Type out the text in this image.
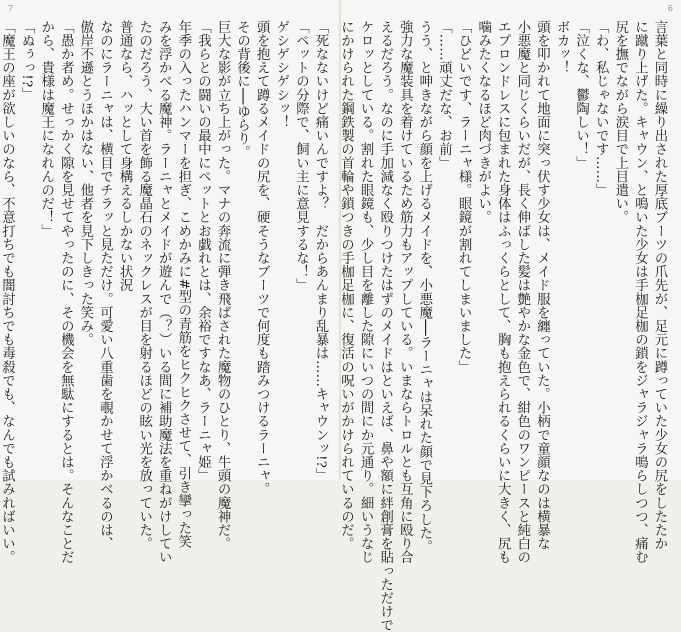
7
「死なないけど痛いんですよ？　だからあんまり乱暴は……キャウンッ!?」
「ペットの分際で、飼い主に意見するな！」
ゲシゲシゲシッ！
頭を抱えて蹲るメイドの尻を、硬そうなブーツで何度も踏みつけるラーニャ。
その背後に──ゆらり。
巨大な影が立ち上がった。マナの奔流に弾き飛ばされた魔物のひとり、牛頭の魔神だ。
「我らとの闘いの最中にペットとお戯れとは、余裕ですなあ、ラーニャ姫」
年季の入ったハンマーを担ぎ、こめかみに#型の青筋をヒクヒクさせて、引き攣った笑
みを浮かべる魔神。ラーニャとメイドが遊んで（？）いる間に補助魔法を重ねがけしてい
たのだろう、大い首を飾る魔晶石のネックレスが目を射るほどの眩い光を放っていた。
普通なら、ハッとして身構えるしかない状況
なのにラーニャは、横目でチラッと見ただけ。可愛い八重歯を覗かせて浮かべるのは、
傲岸不遜とうほかはない、他者を見下しきった笑み。
「愚か者め。せっかく隙を見せてやったのに、その機会を無駄にするとは。そんなことだ
から、貴様は魔王になれんのだ！」
「ぬぅっ!?」
「魔王の座が欲しいのなら、不意打ちでも闇討ちでも毒殺でも、なんでも試みればいい。
6
言葉と同時に繰り出された厚底ブーツの爪先が、足元に蹲っていた少女の尻をしたたか
に蹴り上げた。キャウン、と鳴いた少女は手枷足枷の鎖をジャラジャラ鳴らしつつ、痛む
尻を撫でながら涙目で上目遣い。
「わ、私じゃないです……」
「泣くな、鬱陶しい！」
ボカッ！
頭を叩かれて地面に突っ伏す少女は、メイド服を纏っていた。小柄で童顔なのは横暴な
小悪魔と同じくらいだが、長く伸ばした髪は艶やかな金色で、紺色のワンピースと純白の
エプロンドレスに包まれた身体はふっくらとして、胸も抱えられるくらいに大きく、尻も
噛みたくなるほど肉づきがよい。
「ひどいです、ラーニャ様。眼鏡が割れてしまいました」
「……頑丈だな、お前」
うう、と呻きながら顔を上げるメイドを、小悪魔──ラーニャは呆れた顔で見下ろした。
強力な魔装具を着けているため筋力もアップしている。いまならトロルとも互角に殴り合
えるだろう。なのに手加減なく殴りつけたはずのメイドはといえば、鼻や額に絆創膏を貼っただけで
ケロッとしている。割れた眼鏡も、少し目を離した隙にいつの間にか元通り。細いうなじ
にかけられた鋼鉄製の首輪や鎖つきの手枷足枷に、復活の呪いがかけられているのだ。
